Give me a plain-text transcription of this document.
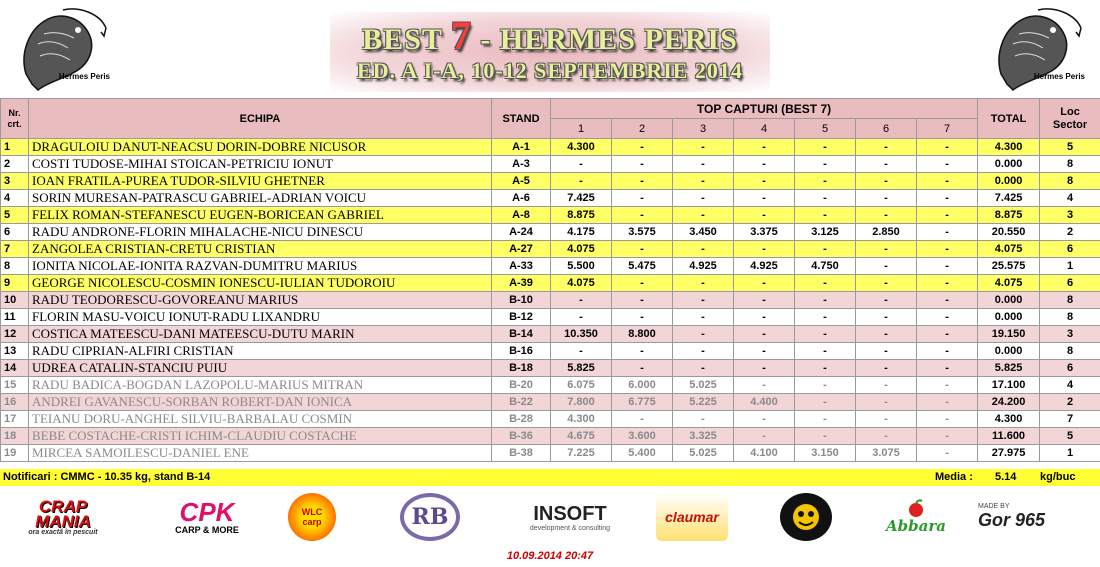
Hermes Peris
BEST 7 - HERMES PERIS
ED. A I-A, 10-12 SEPTEMBRIE 2014	Hermes Peris
Nr.
crt.	ECHIPA	STAND	TOP CAPTURI (BEST 7)							TOTAL	Loc
Sector
			1	2	3	4	5	6	7		
1	DRAGULOIU DANUT-NEACSU DORIN-DOBRE NICUSOR	A-1	4.300	-	-	-	-	-	-	4.300	5
2	COSTI TUDOSE-MIHAI STOICAN-PETRICIU IONUT	A-3	-	-	-	-	-	-	-	0.000	8
3	IOAN FRATILA-PUREA TUDOR-SILVIU GHETNER	A-5	-	-	-	-	-	-	-	0.000	8
4	SORIN MURESAN-PATRASCU GABRIEL-ADRIAN VOICU	A-6	7.425	-	-	-	-	-	-	7.425	4
5	FELIX ROMAN-STEFANESCU EUGEN-BORICEAN GABRIEL	A-8	8.875	-	-	-	-	-	-	8.875	3
6	RADU ANDRONE-FLORIN MIHALACHE-NICU DINESCU	A-24	4.175	3.575	3.450	3.375	3.125	2.850	-	20.550	2
7	ZANGOLEA CRISTIAN-CRETU CRISTIAN	A-27	4.075	-	-	-	-	-	-	4.075	6
8	IONITA NICOLAE-IONITA RAZVAN-DUMITRU MARIUS	A-33	5.500	5.475	4.925	4.925	4.750	-	-	25.575	1
9	GEORGE NICOLESCU-COSMIN IONESCU-IULIAN TUDOROIU	A-39	4.075	-	-	-	-	-	-	4.075	6
10	RADU TEODORESCU-GOVOREANU MARIUS	B-10	-	-	-	-	-	-	-	0.000	8
11	FLORIN MASU-VOICU IONUT-RADU LIXANDRU	B-12	-	-	-	-	-	-	-	0.000	8
12	COSTICA MATEESCU-DANI MATEESCU-DUTU MARIN	B-14	10.350	8.800	-	-	-	-	-	19.150	3
13	RADU CIPRIAN-ALFIRI CRISTIAN	B-16	-	-	-	-	-	-	-	0.000	8
14	UDREA CATALIN-STANCIU PUIU	B-18	5.825	-	-	-	-	-	-	5.825	6
15	RADU BADICA-BOGDAN LAZOPOLU-MARIUS MITRAN	B-20	6.075	6.000	5.025	-	-	-	-	17.100	4
16	ANDREI GAVANESCU-SORBAN ROBERT-DAN IONICA	B-22	7.800	6.775	5.225	4.400	-	-	-	24.200	2
17	TEIANU DORU-ANGHEL SILVIU-BARBALAU COSMIN	B-28	4.300	-	-	-	-	-	-	4.300	7
18	BEBE COSTACHE-CRISTI ICHIM-CLAUDIU COSTACHE	B-36	4.675	3.600	3.325	-	-	-	-	11.600	5
19	MIRCEA SAMOILESCU-DANIEL ENE	B-38	7.225	5.400	5.025	4.100	3.150	3.075	-	27.975	1
Notificari : CMMC - 10.35 kg, stand B-14	Media : 5.14 kg/buc
CRAP
MANIA
ora exactă în pescuit
CPK
CARP & MORE
WLC
carp	RB	INSOFT
development & consulting
claumar	Abbara
MADE BY
Gor 965
10.09.2014 20:47
